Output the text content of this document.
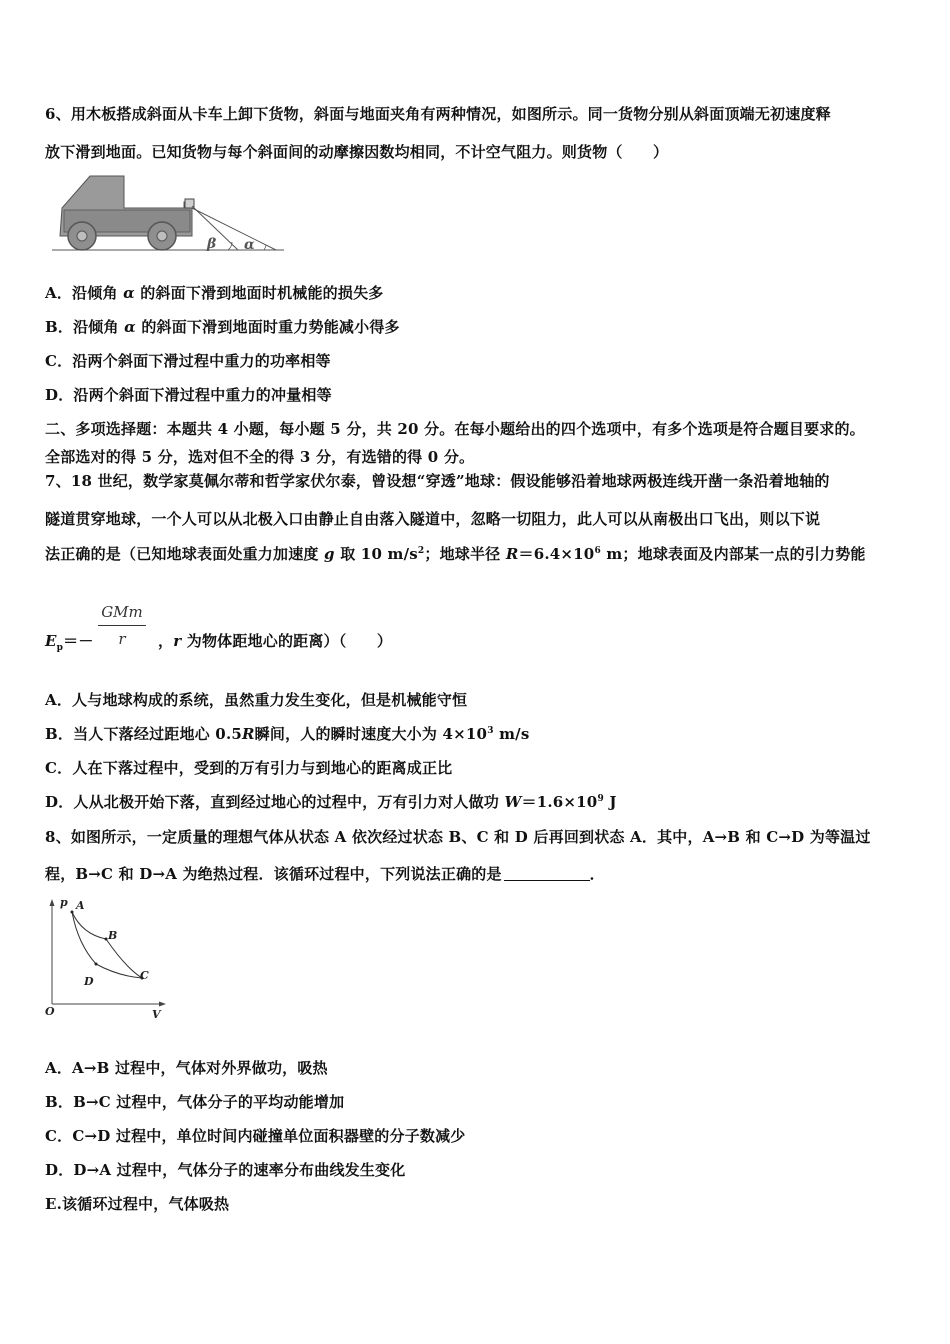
6、用木板搭成斜面从卡车上卸下货物，斜面与地面夹角有两种情况，如图所示。同一货物分别从斜面顶端无初速度释
放下滑到地面。已知货物与每个斜面间的动摩擦因数均相同，不计空气阻力。则货物（　　）
β α
A．沿倾角 α 的斜面下滑到地面时机械能的损失多
B．沿倾角 α 的斜面下滑到地面时重力势能减小得多
C．沿两个斜面下滑过程中重力的功率相等
D．沿两个斜面下滑过程中重力的冲量相等
二、多项选择题：本题共 4 小题，每小题 5 分，共 20 分。在每小题给出的四个选项中，有多个选项是符合题目要求的。
全部选对的得 5 分，选对但不全的得 3 分，有选错的得 0 分。
7、18 世纪，数学家莫佩尔蒂和哲学家伏尔泰，曾设想“穿透”地球：假设能够沿着地球两极连线开凿一条沿着地轴的
隧道贯穿地球，一个人可以从北极入口由静止自由落入隧道中，忽略一切阻力，此人可以从南极出口飞出，则以下说
法正确的是（已知地球表面处重力加速度 g 取 10 $m/s^2$；地球半径 $R=6.4\times 10^6$ m；地球表面及内部某一点的引力势能
$E_p=-$
GMm
r	，r 为物体距地心的距离）（　　）
A．人与地球构成的系统，虽然重力发生变化，但是机械能守恒
B．当人下落经过距地心 0.5R瞬间，人的瞬时速度大小为 $4\times 10^3$ m/s
C．人在下落过程中，受到的万有引力与到地心的距离成正比
D．人从北极开始下落，直到经过地心的过程中，万有引力对人做功 $W=1.6\times 10^9$ J
8、如图所示，一定质量的理想气体从状态 A 依次经过状态 B、C 和 D 后再回到状态 A．其中，A→B 和 C→D 为等温过
程，B→C 和 D→A 为绝热过程．该循环过程中，下列说法正确的是	．
p
V
O
A
B
C
D
A．A→B 过程中，气体对外界做功，吸热
B．B→C 过程中，气体分子的平均动能增加
C．C→D 过程中，单位时间内碰撞单位面积器壁的分子数减少
D．D→A 过程中，气体分子的速率分布曲线发生变化
E.该循环过程中，气体吸热
